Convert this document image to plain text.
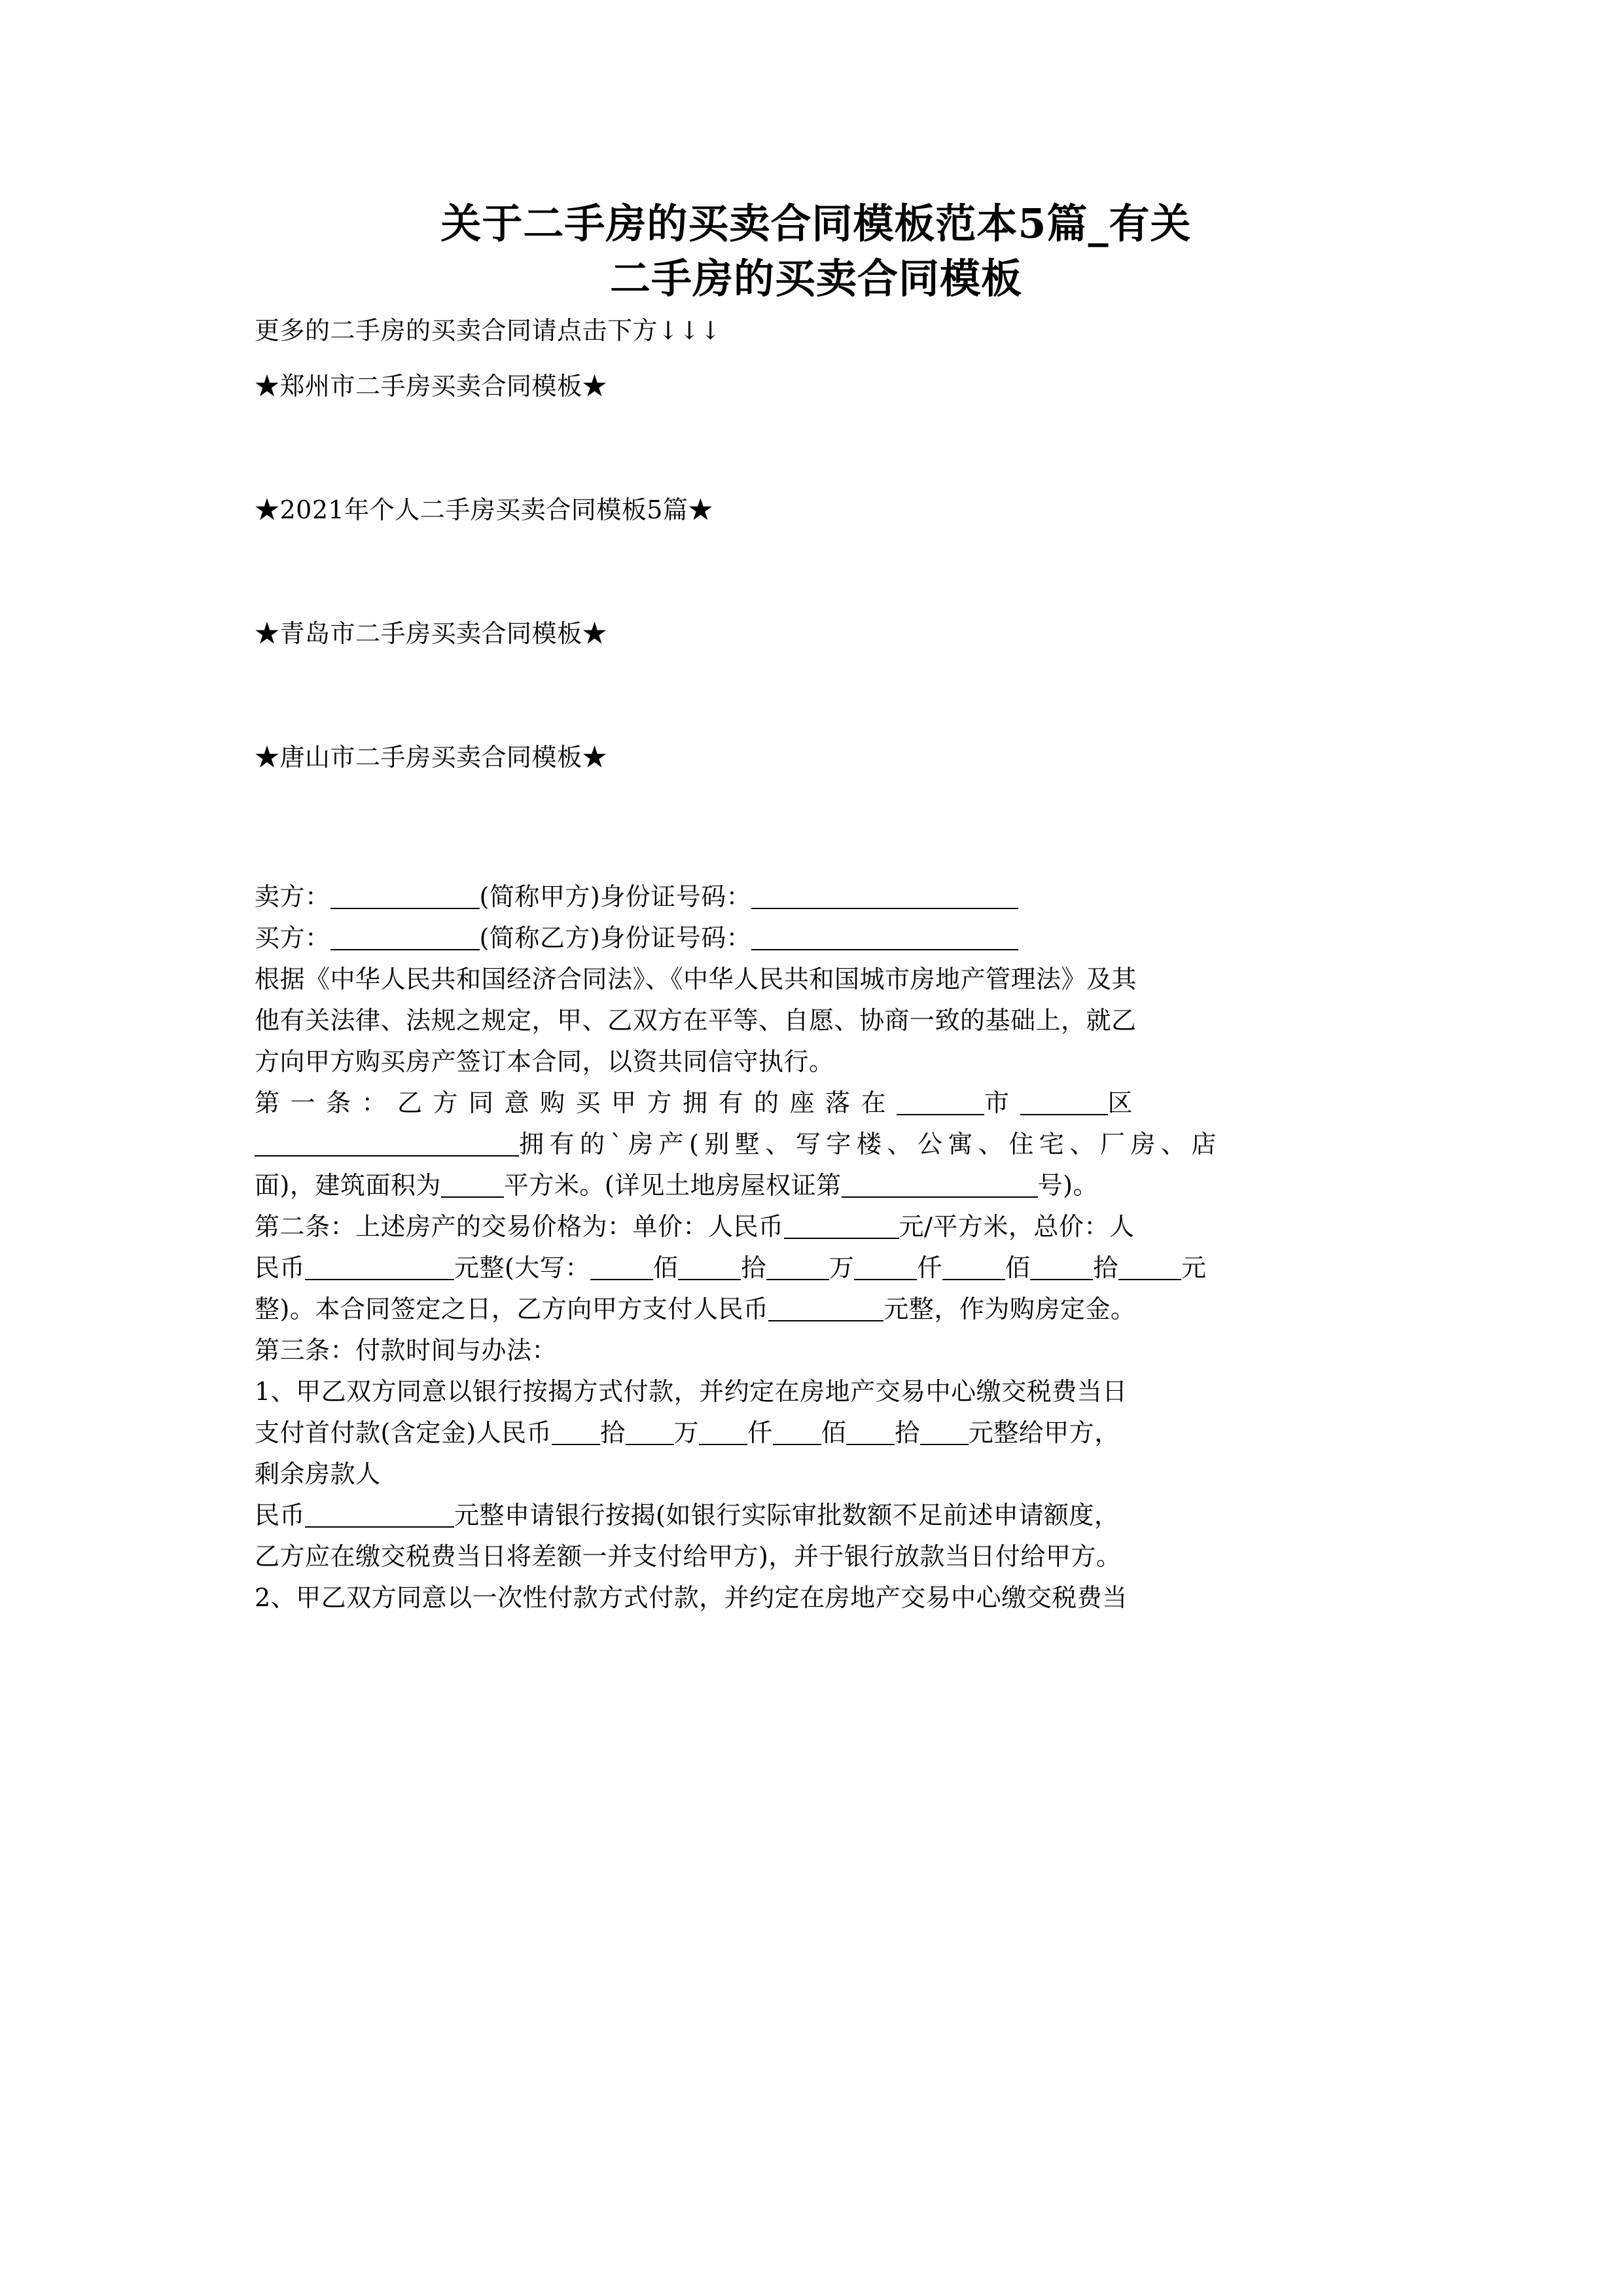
关于二手房的买卖合同模板范本5篇_有关
二手房的买卖合同模板
更多的二手房的买卖合同请点击下方↓↓↓
★郑州市二手房买卖合同模板★
★2021年个人二手房买卖合同模板5篇★
★青岛市二手房买卖合同模板★
★唐山市二手房买卖合同模板★
卖方：	(简称甲方)身份证号码：
买方：	(简称乙方)身份证号码：
根据《中华人民共和国经济合同法》、《中华人民共和国城市房地产管理法》及其
他有关法律、法规之规定，甲、乙双方在平等、自愿、协商一致的基础上，就乙
方向甲方购买房产签订本合同，以资共同信守执行。
第一条：乙方同意购买甲方拥有的座落在	市	区
拥有的`房产(别墅、写字楼、公寓、住宅、厂房、店
面)，建筑面积为	平方米。(详见土地房屋权证第	号)。
第二条：上述房产的交易价格为：单价：人民币	元/平方米，总价：人
民币	元整(大写：	佰	拾	万	仟	佰	拾	元
整)。本合同签定之日，乙方向甲方支付人民币	元整，作为购房定金。
第三条：付款时间与办法：
1、甲乙双方同意以银行按揭方式付款，并约定在房地产交易中心缴交税费当日
支付首付款(含定金)人民币 拾 万 仟 佰 拾 元整给甲方，
剩余房款人
民币	元整申请银行按揭(如银行实际审批数额不足前述申请额度，
乙方应在缴交税费当日将差额一并支付给甲方)，并于银行放款当日付给甲方。
2、甲乙双方同意以一次性付款方式付款，并约定在房地产交易中心缴交税费当
